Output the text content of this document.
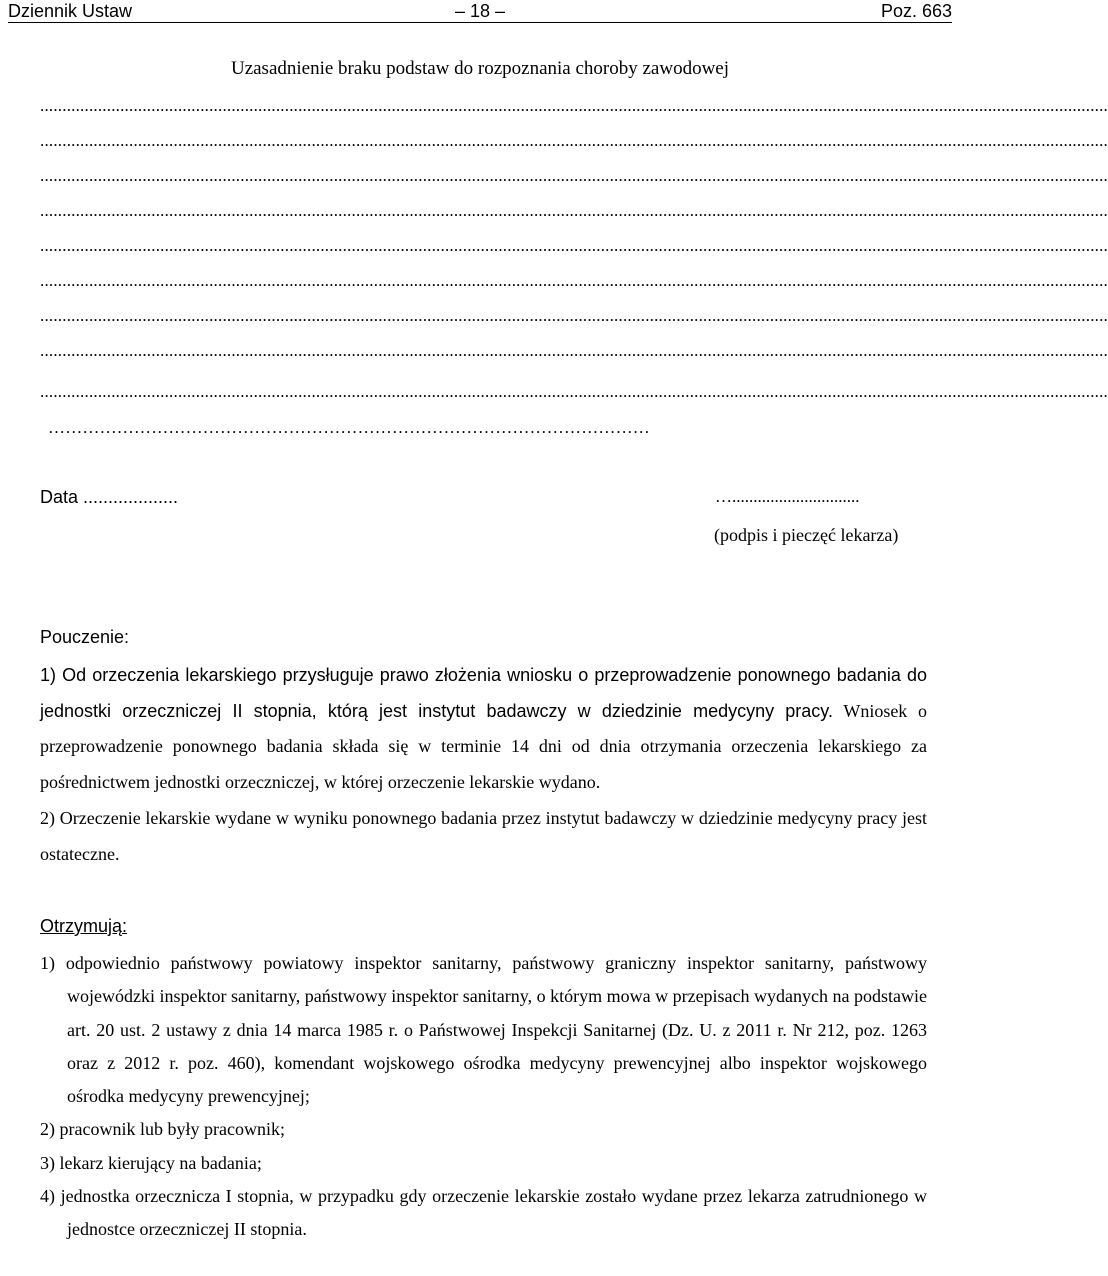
Dziennik Ustaw	– 18 –	Poz. 663
Uzasadnienie braku podstaw do rozpoznania choroby zawodowej
................................................................................................................................................................................................................................................
................................................................................................................................................................................................................................................
................................................................................................................................................................................................................................................
................................................................................................................................................................................................................................................
................................................................................................................................................................................................................................................
................................................................................................................................................................................................................................................
................................................................................................................................................................................................................................................
................................................................................................................................................................................................................................................
................................................................................................................................................................................................................................................
……………………………………………………………………………………………
Data ...................	…..............................
(podpis i pieczęć lekarza)
Pouczenie:
1) Od orzeczenia lekarskiego przysługuje prawo złożenia wniosku o przeprowadzenie ponownego badania do jednostki orzeczniczej II stopnia, którą jest instytut badawczy w dziedzinie medycyny pracy. Wniosek o przeprowadzenie ponownego badania składa się w terminie 14 dni od dnia otrzymania orzeczenia lekarskiego za pośrednictwem jednostki orzeczniczej, w której orzeczenie lekarskie wydano.
2) Orzeczenie lekarskie wydane w wyniku ponownego badania przez instytut badawczy w dziedzinie medycyny pracy jest ostateczne.
Otrzymują:
1) odpowiednio państwowy powiatowy inspektor sanitarny, państwowy graniczny inspektor sanitarny, państwowy wojewódzki inspektor sanitarny, państwowy inspektor sanitarny, o którym mowa w przepisach wydanych na podstawie art. 20 ust. 2 ustawy z dnia 14 marca 1985 r. o Państwowej Inspekcji Sanitarnej (Dz. U. z 2011 r. Nr 212, poz. 1263 oraz z 2012 r. poz. 460), komendant wojskowego ośrodka medycyny prewencyjnej albo inspektor wojskowego ośrodka medycyny prewencyjnej;
2) pracownik lub były pracownik;
3) lekarz kierujący na badania;
4) jednostka orzecznicza I stopnia, w przypadku gdy orzeczenie lekarskie zostało wydane przez lekarza zatrudnionego w jednostce orzeczniczej II stopnia.
